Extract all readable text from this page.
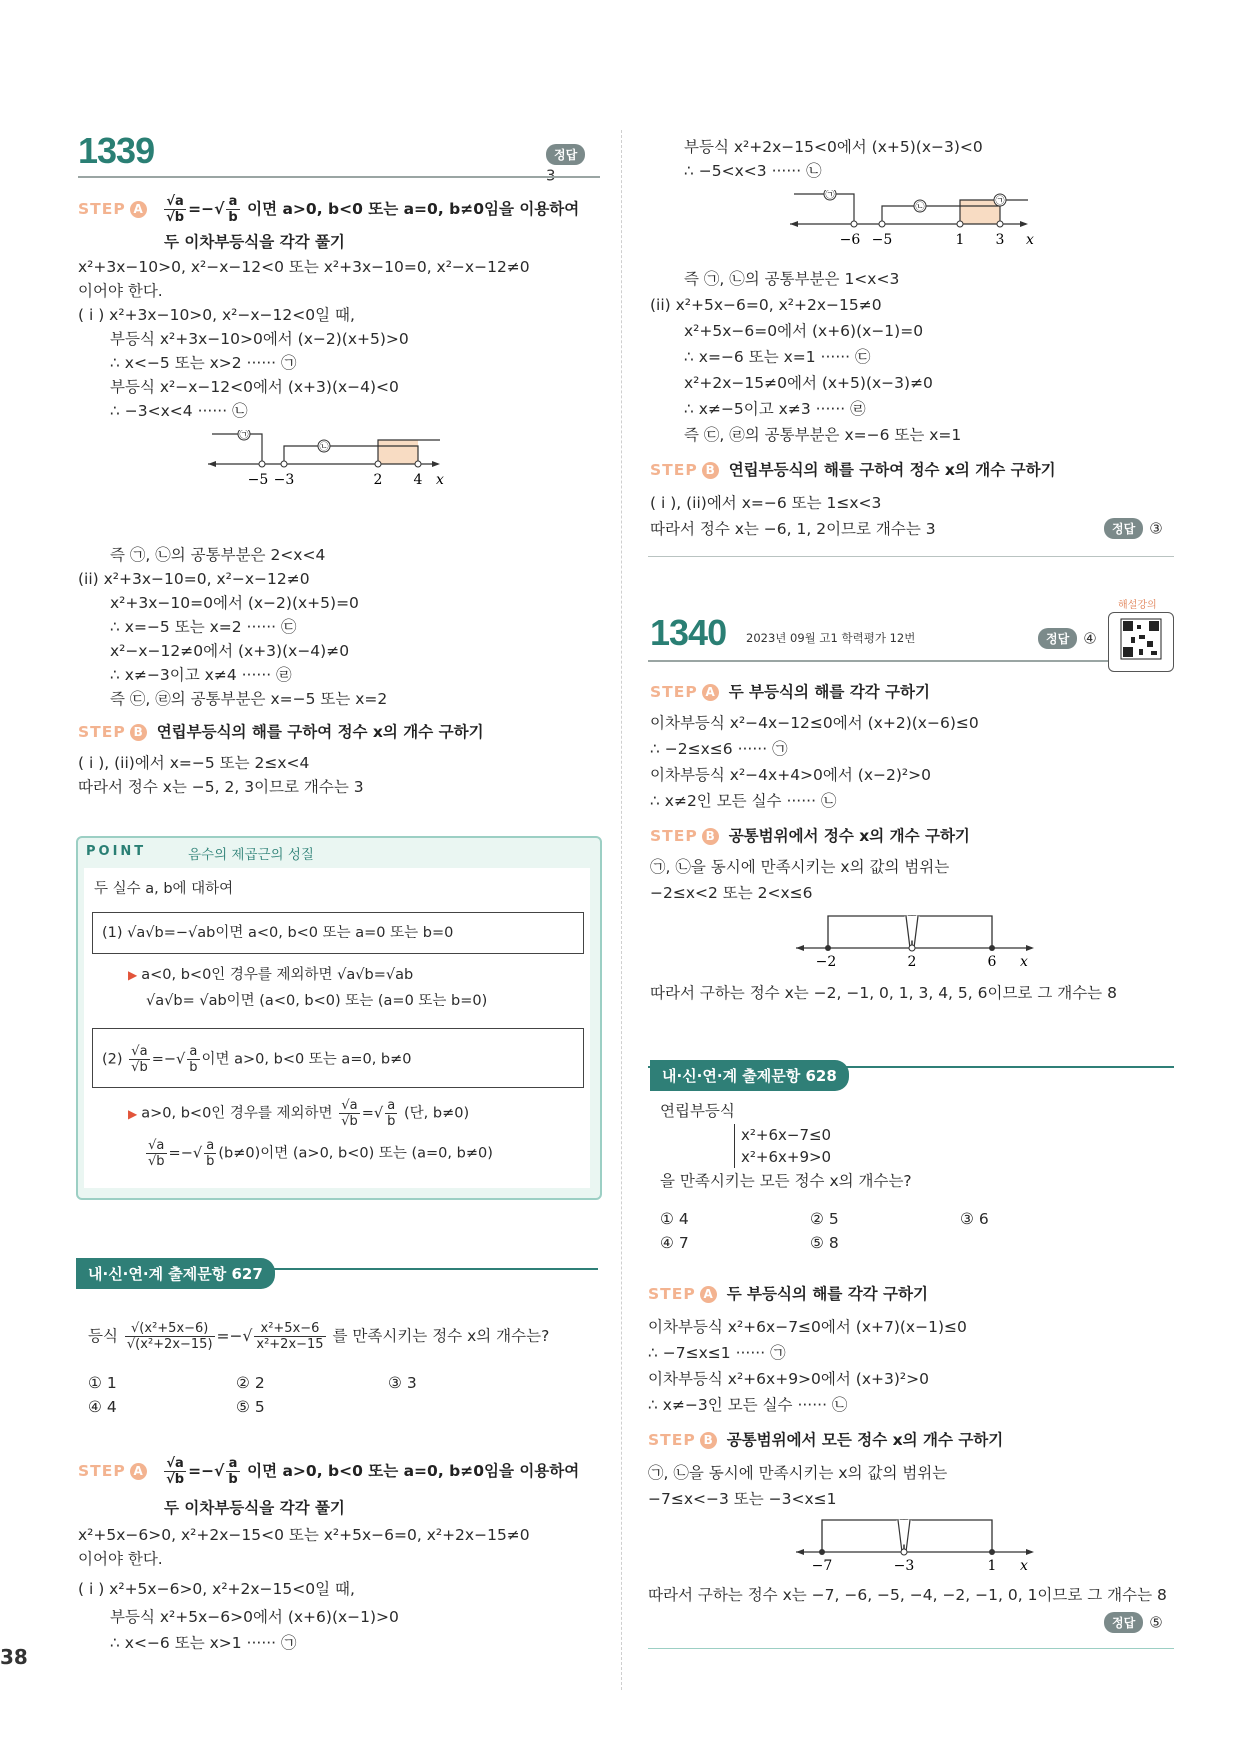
1339	정답
STEP A $\frac{√a}{√b}$ =−√ $\frac{a}{b}$ 이면 a>0, b<0 또는 a=0, b≠0임을 이용하여
두 이차부등식을 각각 풀기
x²+3x−10>0, x²−x−12<0 또는 x²+3x−10=0, x²−x−12≠0
이어야 한다.
( i ) x²+3x−10>0, x²−x−12<0일 때,
부등식 x²+3x−10>0에서 (x−2)(x+5)>0
∴ x<−5 또는 x>2 ······ ㉠
부등식 x²−x−12<0에서 (x+3)(x−4)<0
∴ −3<x<4 ······ ㉡
㉠
㉡
−5 −3	2 4 x
즉 ㉠, ㉡의 공통부분은 2<x<4
(ii) x²+3x−10=0, x²−x−12≠0
x²+3x−10=0에서 (x−2)(x+5)=0
∴ x=−5 또는 x=2 ······ ㉢
x²−x−12≠0에서 (x+3)(x−4)≠0
∴ x≠−3이고 x≠4 ······ ㉣
즉 ㉢, ㉣의 공통부분은 x=−5 또는 x=2
STEP B 연립부등식의 해를 구하여 정수 x의 개수 구하기
( i ), (ii)에서 x=−5 또는 2≤x<4
따라서 정수 x는 −5, 2, 3이므로 개수는 3
POINT	음수의 제곱근의 성질
두 실수 a, b에 대하여
(1) √a√b=−√ab이면 a<0, b<0 또는 a=0 또는 b=0
▶ a<0, b<0인 경우를 제외하면 √a√b=√ab
√a√b= √ab이면 (a<0, b<0) 또는 (a=0 또는 b=0)
$(2) \frac{√a}{√b}$ =−√ $\frac{a}{b}$ 이면 a>0, b<0 또는 a=0, b≠0
▶ a>0, b<0인 경우를 제외하면 $\frac{√a}{√b}$ =√ $\frac{a}{b}$ (단, b≠0)
$\frac{√a}{√b}$ =−√ $\frac{a}{b} (b\ne 0)$이면 (a>0, b<0) 또는 (a=0, b≠0)
내·신·연·계 출제문항 627
등식 $\frac{\text{√(x²+5x−6)}}{\text{√(x²+2x−15)}}$ =−√ $\frac{\text{x²+5x−6}}{\text{x²+2x−15}}$ 를 만족시키는 정수 x의 개수는?
① 1	② 2	③ 3
④ 4	⑤ 5
STEP A $\frac{√a}{√b}$ =−√ $\frac{a}{b}$ 이면 a>0, b<0 또는 a=0, b≠0임을 이용하여
두 이차부등식을 각각 풀기
x²+5x−6>0, x²+2x−15<0 또는 x²+5x−6=0, x²+2x−15≠0
이어야 한다.
( i ) x²+5x−6>0, x²+2x−15<0일 때,
부등식 x²+5x−6>0에서 (x+6)(x−1)>0
∴ x<−6 또는 x>1 ······ ㉠
38
부등식 x²+2x−15<0에서 (x+5)(x−3)<0
∴ −5<x<3 ······ ㉡
㉠
㉡
㉠
−6 −5	1 3 x
즉 ㉠, ㉡의 공통부분은 1<x<3
(ii) x²+5x−6=0, x²+2x−15≠0
x²+5x−6=0에서 (x+6)(x−1)=0
∴ x=−6 또는 x=1 ······ ㉢
x²+2x−15≠0에서 (x+5)(x−3)≠0
∴ x≠−5이고 x≠3 ······ ㉣
즉 ㉢, ㉣의 공통부분은 x=−6 또는 x=1
STEP B 연립부등식의 해를 구하여 정수 x의 개수 구하기
( i ), (ii)에서 x=−6 또는 1≤x<3
따라서 정수 x는 −6, 1, 2이므로 개수는 3	정답 ③
해설강의
1340 2023년 09월 고1 학력평가 12번	정답 ④
STEP A 두 부등식의 해를 각각 구하기
이차부등식 x²−4x−12≤0에서 (x+2)(x−6)≤0
∴ −2≤x≤6 ······ ㉠
이차부등식 x²−4x+4>0에서 (x−2)²>0
∴ x≠2인 모든 실수 ······ ㉡
STEP B 공통범위에서 정수 x의 개수 구하기
㉠, ㉡을 동시에 만족시키는 x의 값의 범위는
−2≤x<2 또는 2<x≤6
−2	2	6 x
따라서 구하는 정수 x는 −2, −1, 0, 1, 3, 4, 5, 6이므로 그 개수는 8
내·신·연·계 출제문항 628
연립부등식
x²+6x−7≤0
x²+6x+9>0
을 만족시키는 모든 정수 x의 개수는?
① 4	② 5	③ 6
④ 7	⑤ 8
STEP A 두 부등식의 해를 각각 구하기
이차부등식 x²+6x−7≤0에서 (x+7)(x−1)≤0
∴ −7≤x≤1 ······ ㉠
이차부등식 x²+6x+9>0에서 (x+3)²>0
∴ x≠−3인 모든 실수 ······ ㉡
STEP B 공통범위에서 모든 정수 x의 개수 구하기
㉠, ㉡을 동시에 만족시키는 x의 값의 범위는
−7≤x<−3 또는 −3<x≤1
−7	−3	1 x
따라서 구하는 정수 x는 −7, −6, −5, −4, −2, −1, 0, 1이므로 그 개수는 8
정답 ⑤
